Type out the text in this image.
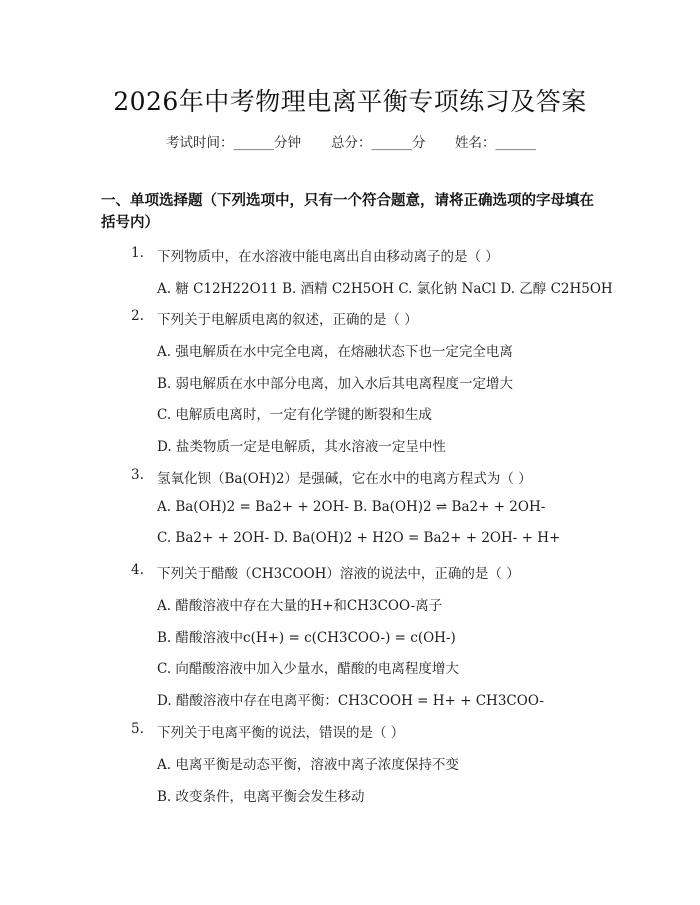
2026年中考物理电离平衡专项练习及答案
考试时间：______分钟 总分：______分 姓名：______
一、单项选择题（下列选项中，只有一个符合题意，请将正确选项的字母填在括号内）
1. 下列物质中，在水溶液中能电离出自由移动离子的是（ ）
A. 糖 C12H22O11 B. 酒精 C2H5OH C. 氯化钠 NaCl D. 乙醇 C2H5OH
2. 下列关于电解质电离的叙述，正确的是（ ）
A. 强电解质在水中完全电离，在熔融状态下也一定完全电离
B. 弱电解质在水中部分电离，加入水后其电离程度一定增大
C. 电解质电离时，一定有化学键的断裂和生成
D. 盐类物质一定是电解质，其水溶液一定呈中性
3. 氢氧化钡（Ba(OH)2）是强碱，它在水中的电离方程式为（ ）
A. Ba(OH)2 = Ba2+ + 2OH- B. Ba(OH)2 ⇌ Ba2+ + 2OH-
C. Ba2+ + 2OH- D. Ba(OH)2 + H2O = Ba2+ + 2OH- + H+
4. 下列关于醋酸（CH3COOH）溶液的说法中，正确的是（ ）
A. 醋酸溶液中存在大量的H+和CH3COO-离子
B. 醋酸溶液中c(H+) = c(CH3COO-) = c(OH-)
C. 向醋酸溶液中加入少量水，醋酸的电离程度增大
D. 醋酸溶液中存在电离平衡：CH3COOH = H+ + CH3COO-
5. 下列关于电离平衡的说法，错误的是（ ）
A. 电离平衡是动态平衡，溶液中离子浓度保持不变
B. 改变条件，电离平衡会发生移动
